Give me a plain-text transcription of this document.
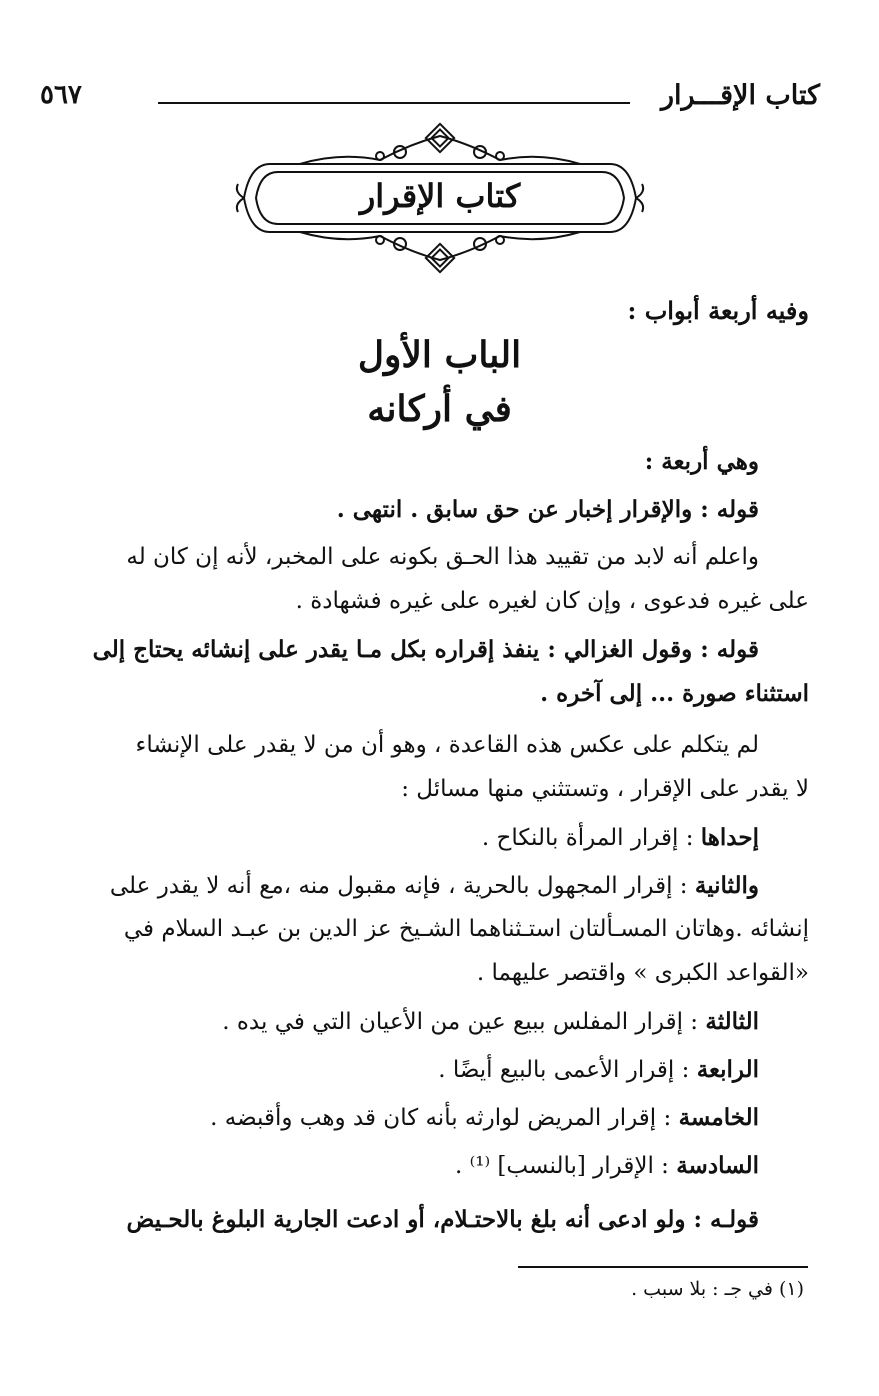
كتاب الإقـــرار
٥٦٧
كتاب الإقرار
وفيه أربعة أبواب :
الباب الأول
في أركانه
وهي أربعة :
قوله : والإقرار إخبار عن حق سابق . انتهى .
واعلم أنه لابد من تقييد هذا الحـق بكونه على المخبر، لأنه إن كان له
على غيره فدعوى ، وإن كان لغيره على غيره فشهادة .
قوله : وقول الغزالي : ينفذ إقراره بكل مـا يقدر على إنشائه يحتاج إلى
استثناء صورة ... إلى آخره .
لم يتكلم على عكس هذه القاعدة ، وهو أن من لا يقدر على الإنشاء
لا يقدر على الإقرار ، وتستثني منها مسائل :
إحداها : إقرار المرأة بالنكاح .
والثانية : إقرار المجهول بالحرية ، فإنه مقبول منه ،مع أنه لا يقدر على
إنشائه .وهاتان المسـألتان استـثناهما الشـيخ عز الدين بن عبـد السلام في
«القواعد الكبرى » واقتصر عليهما .
الثالثة : إقرار المفلس ببيع عين من الأعيان التي في يده .
الرابعة : إقرار الأعمى بالبيع أيضًا .
الخامسة : إقرار المريض لوارثه بأنه كان قد وهب وأقبضه .
السادسة : الإقرار [بالنسب] ⁽¹⁾ .
قولـه : ولو ادعى أنه بلغ بالاحتـلام، أو ادعت الجارية البلوغ بالحـيض
(١) في جـ : بلا سبب .
